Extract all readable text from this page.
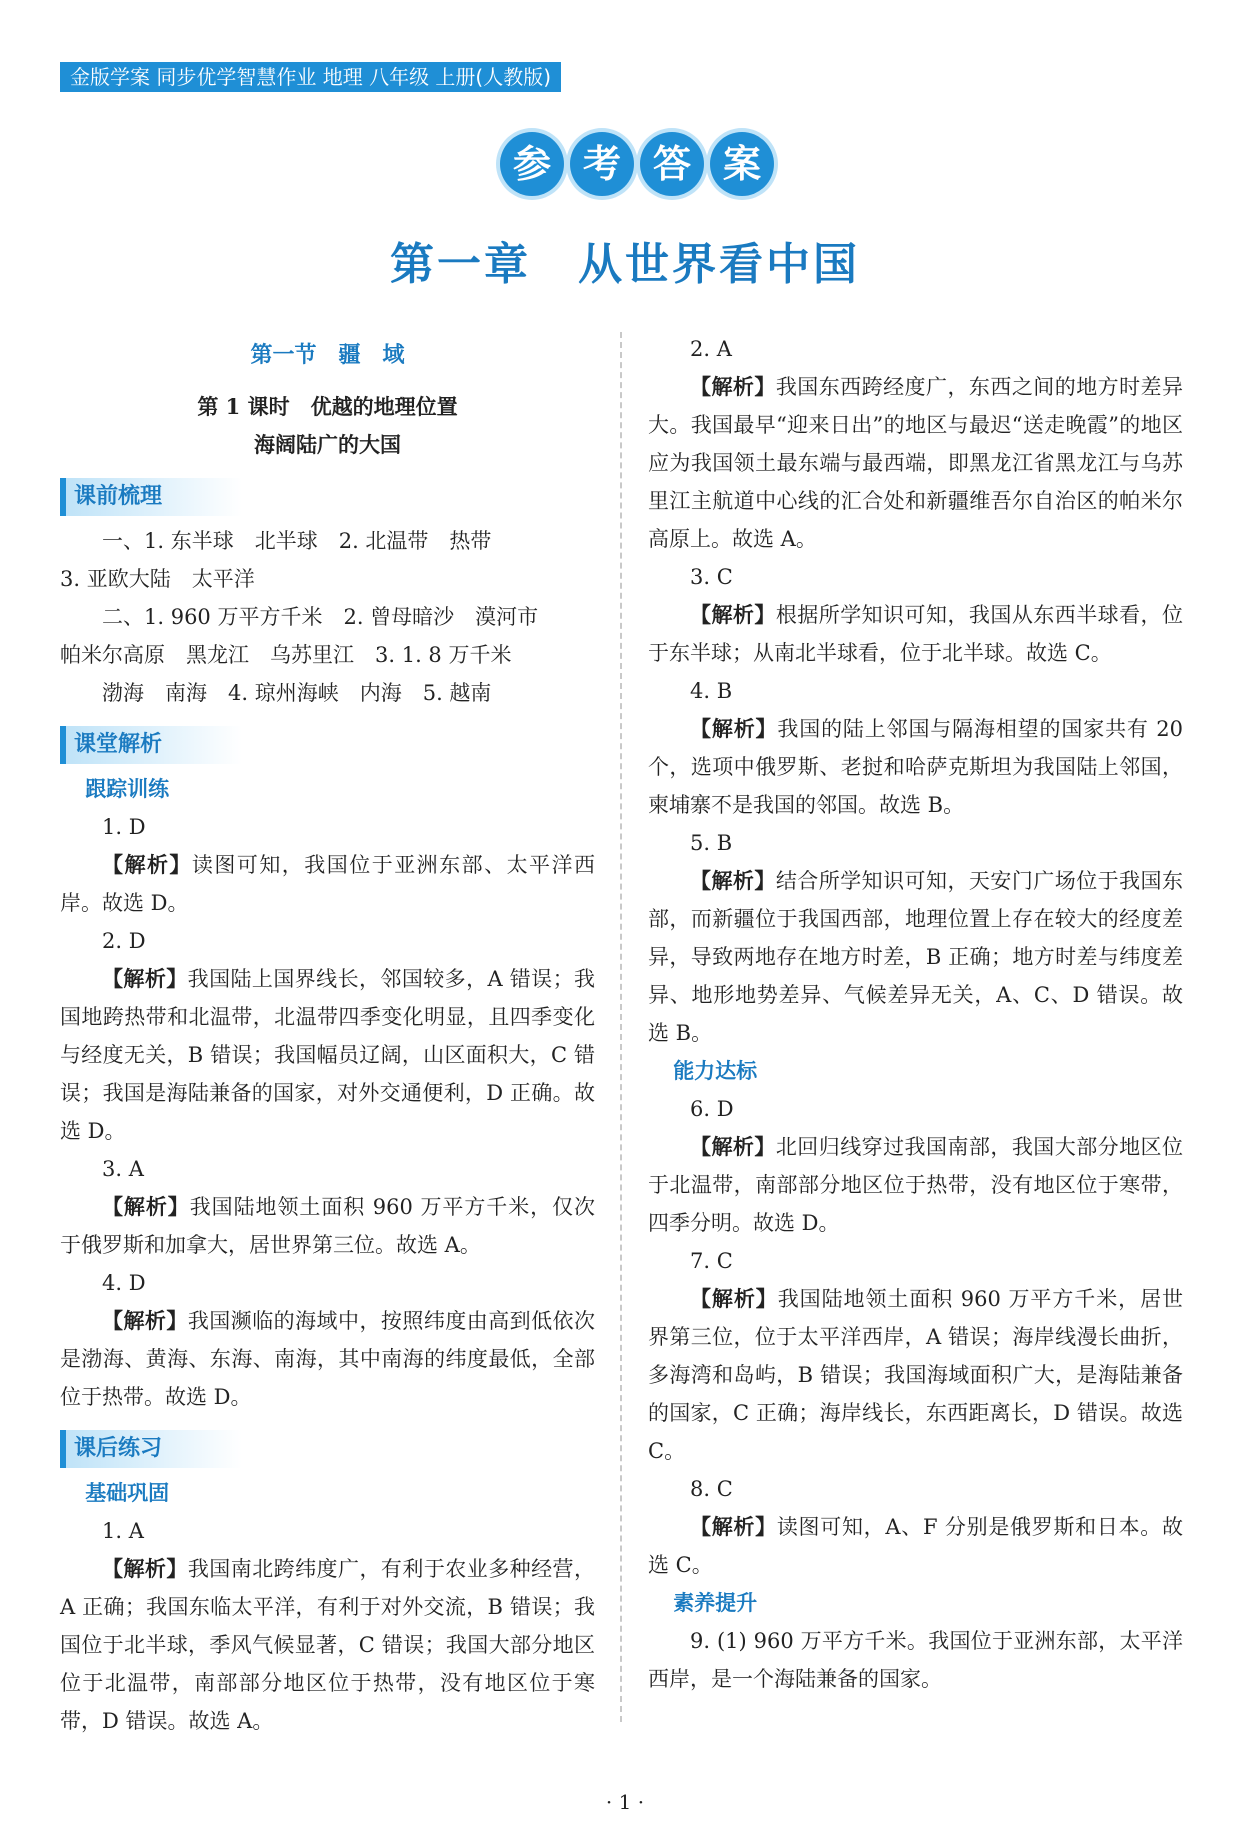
金版学案 同步优学智慧作业 地理 八年级 上册(人教版)
参 考 答 案
第一章　从世界看中国

第一节　疆　域

第 1 课时　优越的地理位置

海阔陆广的大国

课前梳理

一、1. 东半球　北半球　2. 北温带　热带

3. 亚欧大陆　太平洋

二、1. 960 万平方千米　2. 曾母暗沙　漠河市

帕米尔高原　黑龙江　乌苏里江　3. 1. 8 万千米

渤海　南海　4. 琼州海峡　内海　5. 越南

课堂解析

跟踪训练

1. D

【解析】读图可知，我国位于亚洲东部、太平洋西岸。故选 D。

2. D

【解析】我国陆上国界线长，邻国较多，A 错误；我国地跨热带和北温带，北温带四季变化明显，且四季变化与经度无关，B 错误；我国幅员辽阔，山区面积大，C 错误；我国是海陆兼备的国家，对外交通便利，D 正确。故选 D。

3. A

【解析】我国陆地领土面积 960 万平方千米，仅次于俄罗斯和加拿大，居世界第三位。故选 A。

4. D

【解析】我国濒临的海域中，按照纬度由高到低依次是渤海、黄海、东海、南海，其中南海的纬度最低，全部位于热带。故选 D。

课后练习

基础巩固

1. A

【解析】我国南北跨纬度广，有利于农业多种经营，A 正确；我国东临太平洋，有利于对外交流，B 错误；我国位于北半球，季风气候显著，C 错误；我国大部分地区位于北温带，南部部分地区位于热带，没有地区位于寒带，D 错误。故选 A。

2. A

【解析】我国东西跨经度广，东西之间的地方时差异大。我国最早“迎来日出”的地区与最迟“送走晚霞”的地区应为我国领土最东端与最西端，即黑龙江省黑龙江与乌苏里江主航道中心线的汇合处和新疆维吾尔自治区的帕米尔高原上。故选 A。

3. C

【解析】根据所学知识可知，我国从东西半球看，位于东半球；从南北半球看，位于北半球。故选 C。

4. B

【解析】我国的陆上邻国与隔海相望的国家共有 20 个，选项中俄罗斯、老挝和哈萨克斯坦为我国陆上邻国，柬埔寨不是我国的邻国。故选 B。

5. B

【解析】结合所学知识可知，天安门广场位于我国东部，而新疆位于我国西部，地理位置上存在较大的经度差异，导致两地存在地方时差，B 正确；地方时差与纬度差异、地形地势差异、气候差异无关，A、C、D 错误。故选 B。

能力达标

6. D

【解析】北回归线穿过我国南部，我国大部分地区位于北温带，南部部分地区位于热带，没有地区位于寒带，四季分明。故选 D。

7. C

【解析】我国陆地领土面积 960 万平方千米，居世界第三位，位于太平洋西岸，A 错误；海岸线漫长曲折，多海湾和岛屿，B 错误；我国海域面积广大，是海陆兼备的国家，C 正确；海岸线长，东西距离长，D 错误。故选 C。

8. C

【解析】读图可知，A、F 分别是俄罗斯和日本。故选 C。

素养提升

9. (1) 960 万平方千米。我国位于亚洲东部，太平洋西岸，是一个海陆兼备的国家。

· 1 ·
